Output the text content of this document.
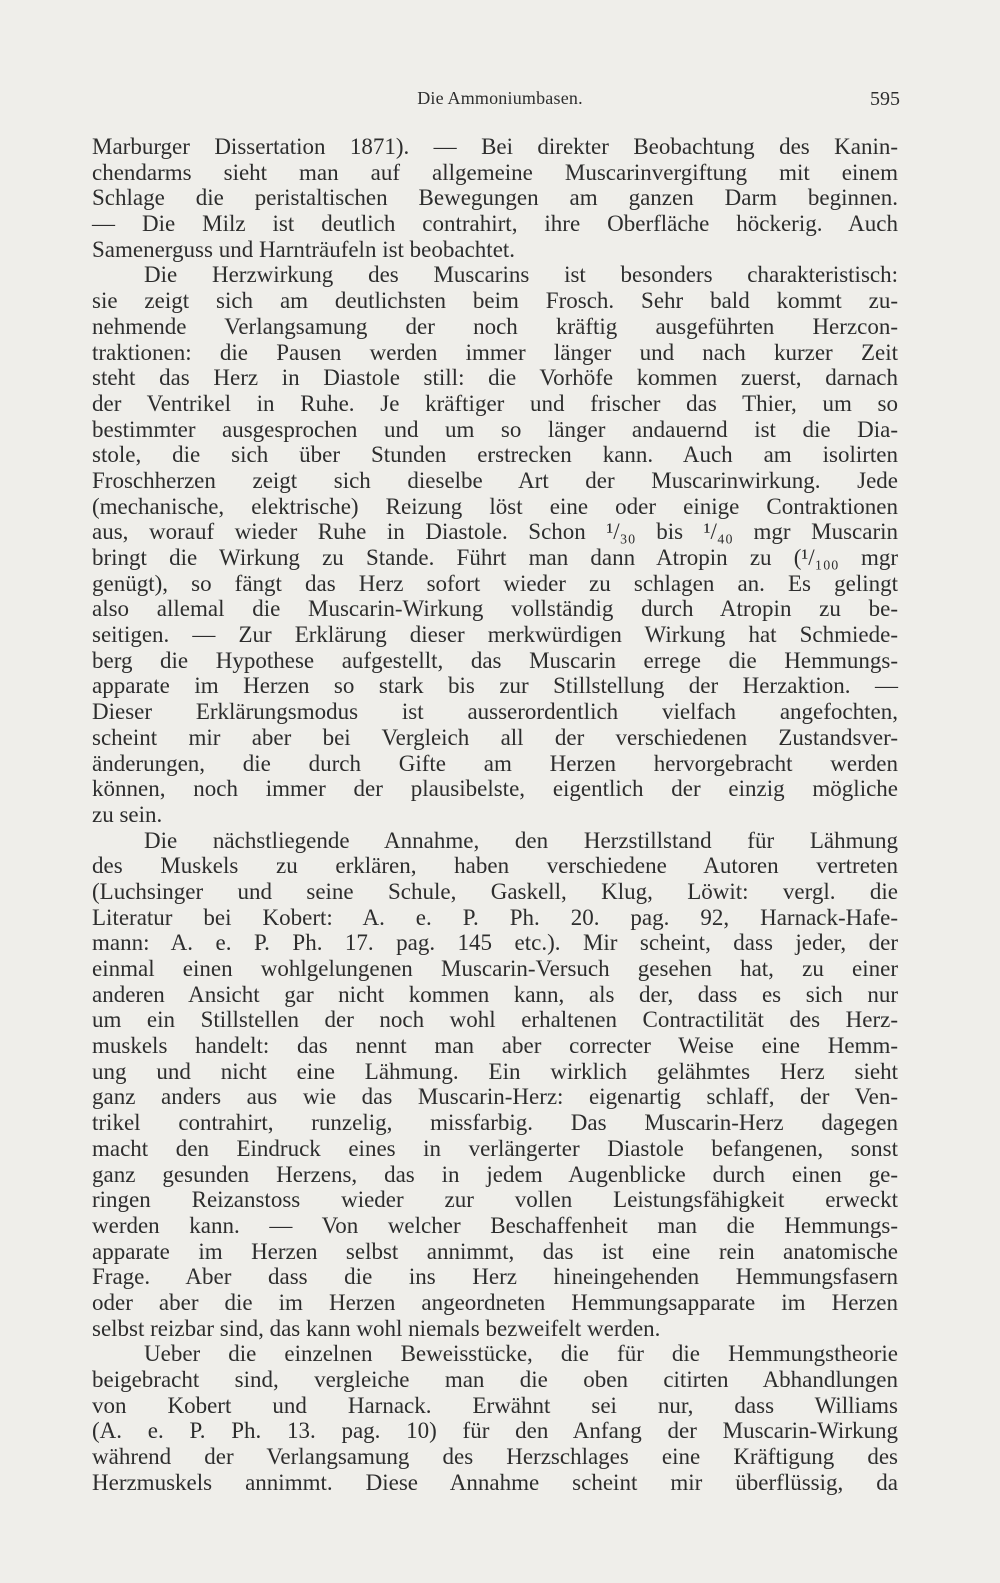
Die Ammoniumbasen.	595
Marburger Dissertation 1871). — Bei direkter Beobachtung des Kanin-
chendarms sieht man auf allgemeine Muscarinvergiftung mit einem
Schlage die peristaltischen Bewegungen am ganzen Darm beginnen.
— Die Milz ist deutlich contrahirt, ihre Oberfläche höckerig. Auch
Samenerguss und Harnträufeln ist beobachtet.
Die Herzwirkung des Muscarins ist besonders charakteristisch:
sie zeigt sich am deutlichsten beim Frosch. Sehr bald kommt zu-
nehmende Verlangsamung der noch kräftig ausgeführten Herzcon-
traktionen: die Pausen werden immer länger und nach kurzer Zeit
steht das Herz in Diastole still: die Vorhöfe kommen zuerst, darnach
der Ventrikel in Ruhe. Je kräftiger und frischer das Thier, um so
bestimmter ausgesprochen und um so länger andauernd ist die Dia-
stole, die sich über Stunden erstrecken kann. Auch am isolirten
Froschherzen zeigt sich dieselbe Art der Muscarinwirkung. Jede
(mechanische, elektrische) Reizung löst eine oder einige Contraktionen
aus, worauf wieder Ruhe in Diastole. Schon ¹/₃₀ bis ¹/₄₀ mgr Muscarin
bringt die Wirkung zu Stande. Führt man dann Atropin zu (¹/₁₀₀ mgr
genügt), so fängt das Herz sofort wieder zu schlagen an. Es gelingt
also allemal die Muscarin-Wirkung vollständig durch Atropin zu be-
seitigen. — Zur Erklärung dieser merkwürdigen Wirkung hat Schmiede-
berg die Hypothese aufgestellt, das Muscarin errege die Hemmungs-
apparate im Herzen so stark bis zur Stillstellung der Herzaktion. —
Dieser Erklärungsmodus ist ausserordentlich vielfach angefochten,
scheint mir aber bei Vergleich all der verschiedenen Zustandsver-
änderungen, die durch Gifte am Herzen hervorgebracht werden
können, noch immer der plausibelste, eigentlich der einzig mögliche
zu sein.
Die nächstliegende Annahme, den Herzstillstand für Lähmung
des Muskels zu erklären, haben verschiedene Autoren vertreten
(Luchsinger und seine Schule, Gaskell, Klug, Löwit: vergl. die
Literatur bei Kobert: A. e. P. Ph. 20. pag. 92, Harnack-Hafe-
mann: A. e. P. Ph. 17. pag. 145 etc.). Mir scheint, dass jeder, der
einmal einen wohlgelungenen Muscarin-Versuch gesehen hat, zu einer
anderen Ansicht gar nicht kommen kann, als der, dass es sich nur
um ein Stillstellen der noch wohl erhaltenen Contractilität des Herz-
muskels handelt: das nennt man aber correcter Weise eine Hemm-
ung und nicht eine Lähmung. Ein wirklich gelähmtes Herz sieht
ganz anders aus wie das Muscarin-Herz: eigenartig schlaff, der Ven-
trikel contrahirt, runzelig, missfarbig. Das Muscarin-Herz dagegen
macht den Eindruck eines in verlängerter Diastole befangenen, sonst
ganz gesunden Herzens, das in jedem Augenblicke durch einen ge-
ringen Reizanstoss wieder zur vollen Leistungsfähigkeit erweckt
werden kann. — Von welcher Beschaffenheit man die Hemmungs-
apparate im Herzen selbst annimmt, das ist eine rein anatomische
Frage. Aber dass die ins Herz hineingehenden Hemmungsfasern
oder aber die im Herzen angeordneten Hemmungsapparate im Herzen
selbst reizbar sind, das kann wohl niemals bezweifelt werden.
Ueber die einzelnen Beweisstücke, die für die Hemmungstheorie
beigebracht sind, vergleiche man die oben citirten Abhandlungen
von Kobert und Harnack. Erwähnt sei nur, dass Williams
(A. e. P. Ph. 13. pag. 10) für den Anfang der Muscarin-Wirkung
während der Verlangsamung des Herzschlages eine Kräftigung des
Herzmuskels annimmt. Diese Annahme scheint mir überflüssig, da
